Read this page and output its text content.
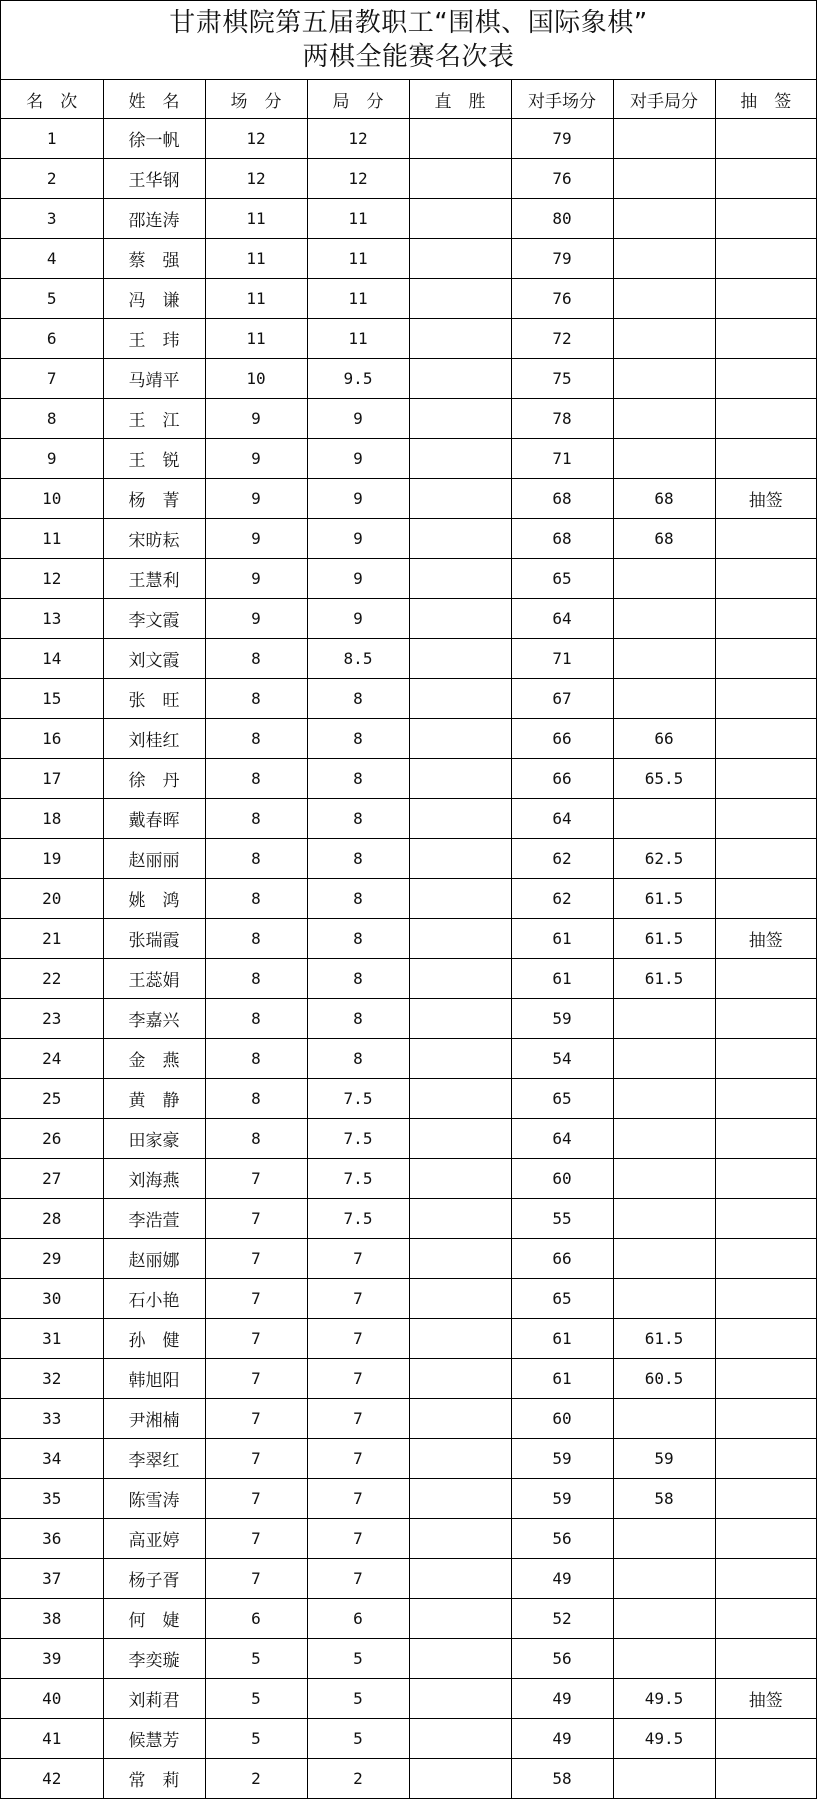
甘肃棋院第五届教职工“围棋、国际象棋”
两棋全能赛名次表
名　次	姓　名	场　分	局　分	直　胜	对手场分	对手局分	抽　签
1	徐一帆	12	12		79		
2	王华钢	12	12		76		
3	邵连涛	11	11		80		
4	蔡　强	11	11		79		
5	冯　谦	11	11		76		
6	王　玮	11	11		72		
7	马靖平	10	9.5		75		
8	王　江	9	9		78		
9	王　锐	9	9		71		
10	杨　菁	9	9		68	68	抽签
11	宋昉耘	9	9		68	68	
12	王慧利	9	9		65		
13	李文霞	9	9		64		
14	刘文霞	8	8.5		71		
15	张　旺	8	8		67		
16	刘桂红	8	8		66	66	
17	徐　丹	8	8		66	65.5	
18	戴春晖	8	8		64		
19	赵丽丽	8	8		62	62.5	
20	姚　鸿	8	8		62	61.5	
21	张瑞霞	8	8		61	61.5	抽签
22	王蕊娟	8	8		61	61.5	
23	李嘉兴	8	8		59		
24	金　燕	8	8		54		
25	黄　静	8	7.5		65		
26	田家豪	8	7.5		64		
27	刘海燕	7	7.5		60		
28	李浩萱	7	7.5		55		
29	赵丽娜	7	7		66		
30	石小艳	7	7		65		
31	孙　健	7	7		61	61.5	
32	韩旭阳	7	7		61	60.5	
33	尹湘楠	7	7		60		
34	李翠红	7	7		59	59	
35	陈雪涛	7	7		59	58	
36	高亚婷	7	7		56		
37	杨子胥	7	7		49		
38	何　婕	6	6		52		
39	李奕璇	5	5		56		
40	刘莉君	5	5		49	49.5	抽签
41	候慧芳	5	5		49	49.5	
42	常　莉	2	2		58		
